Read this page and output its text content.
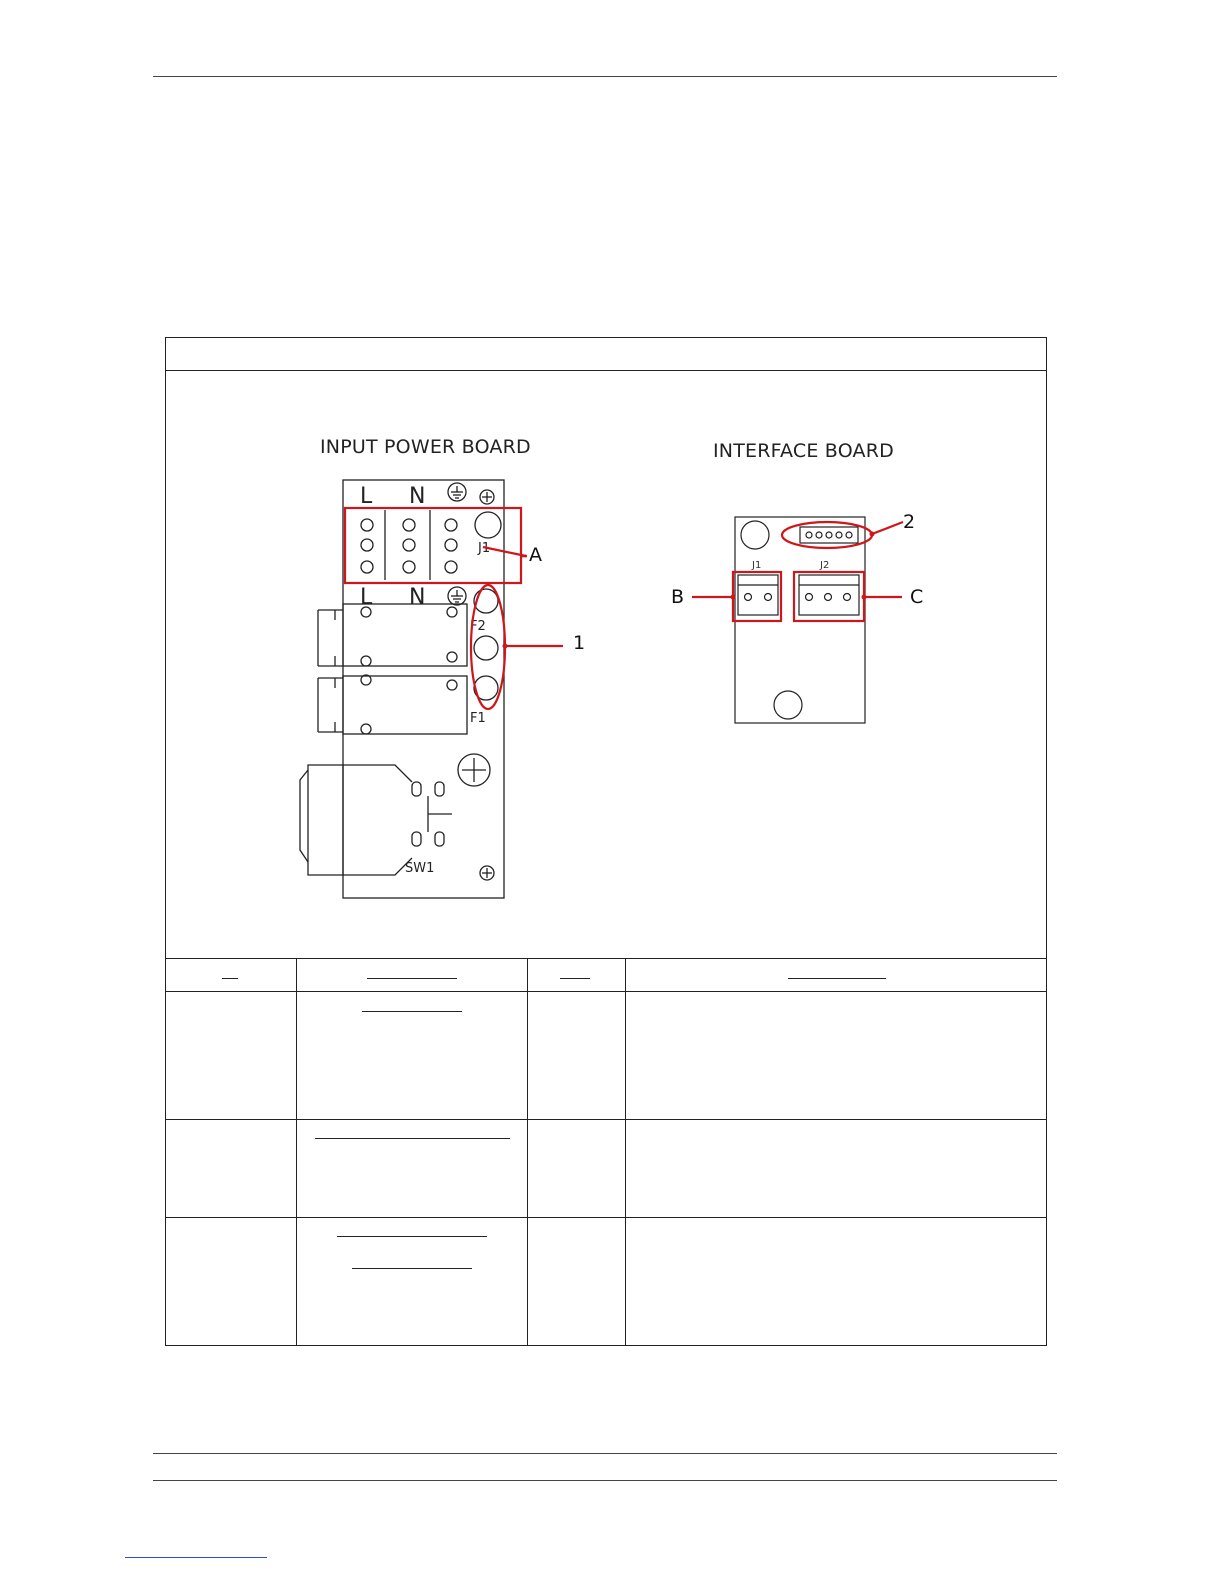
INPUT POWER BOARD	INTERFACE BOARD
L N
L N
J1
F2
F1
SW1
J1	J2
A
1
2
B	C
